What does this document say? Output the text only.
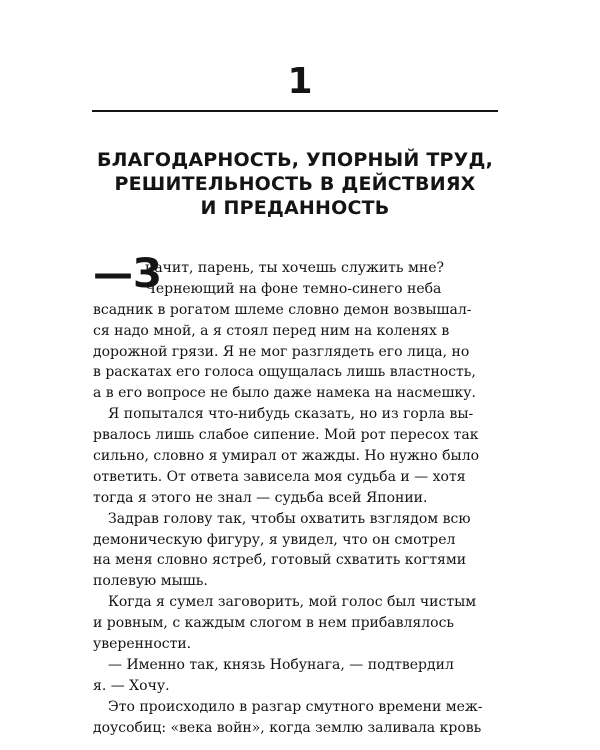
1
БЛАГОДАРНОСТЬ, УПОРНЫЙ ТРУД,
РЕШИТЕЛЬНОСТЬ В ДЕЙСТВИЯХ
И ПРЕДАННОСТЬ
—З
начит, парень, ты хочешь служить мне?
Чернеющий на фоне темно-синего неба
всадник в рогатом шлеме словно демон возвышал-
ся надо мной, а я стоял перед ним на коленях в
дорожной грязи. Я не мог разглядеть его лица, но
в раскатах его голоса ощущалась лишь властность,
а в его вопросе не было даже намека на насмешку.
Я попытался что-нибудь сказать, но из горла вы-
рвалось лишь слабое сипение. Мой рот пересох так
сильно, словно я умирал от жажды. Но нужно было
ответить. От ответа зависела моя судьба и — хотя
тогда я этого не знал — судьба всей Японии.
Задрав голову так, чтобы охватить взглядом всю
демоническую фигуру, я увидел, что он смотрел
на меня словно ястреб, готовый схватить когтями
полевую мышь.
Когда я сумел заговорить, мой голос был чистым
и ровным, с каждым слогом в нем прибавлялось
уверенности.
— Именно так, князь Нобунага, — подтвердил
я. — Хочу.
Это происходило в разгар смутного времени меж-
доусобиц: «века войн», когда землю заливала кровь
